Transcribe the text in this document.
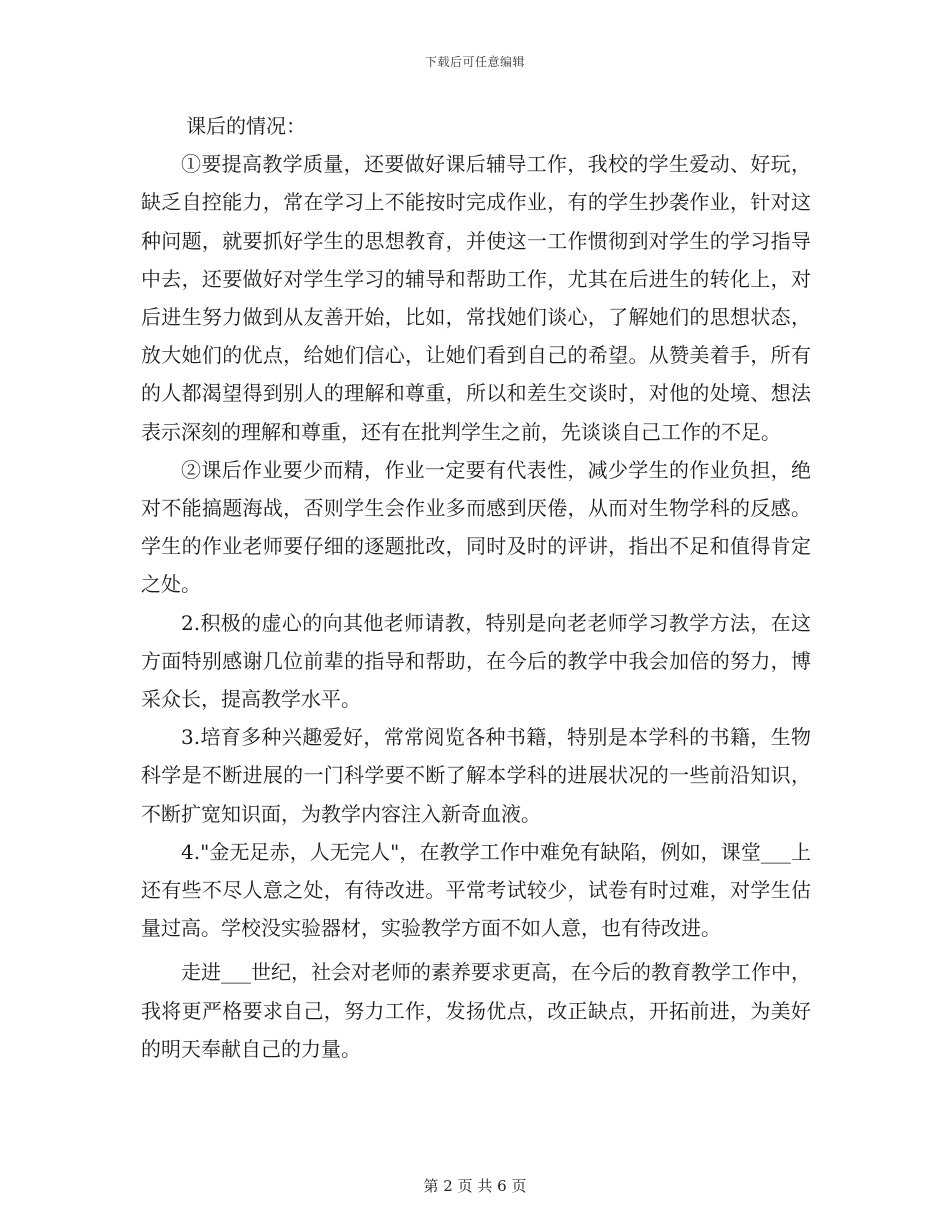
下载后可任意编辑

课后的情况：

①要提高教学质量，还要做好课后辅导工作，我校的学生爱动、好玩，缺乏自控能力，常在学习上不能按时完成作业，有的学生抄袭作业，针对这种问题，就要抓好学生的思想教育，并使这一工作惯彻到对学生的学习指导中去，还要做好对学生学习的辅导和帮助工作，尤其在后进生的转化上，对后进生努力做到从友善开始，比如，常找她们谈心，了解她们的思想状态，放大她们的优点，给她们信心，让她们看到自己的希望。从赞美着手，所有的人都渴望得到别人的理解和尊重，所以和差生交谈时，对他的处境、想法表示深刻的理解和尊重，还有在批判学生之前，先谈谈自己工作的不足。

②课后作业要少而精，作业一定要有代表性，减少学生的作业负担，绝对不能搞题海战，否则学生会作业多而感到厌倦，从而对生物学科的反感。学生的作业老师要仔细的逐题批改，同时及时的评讲，指出不足和值得肯定之处。

2.积极的虚心的向其他老师请教，特别是向老老师学习教学方法，在这方面特别感谢几位前辈的指导和帮助，在今后的教学中我会加倍的努力，博采众长，提高教学水平。

3.培育多种兴趣爱好，常常阅览各种书籍，特别是本学科的书籍，生物科学是不断进展的一门科学要不断了解本学科的进展状况的一些前沿知识，不断扩宽知识面，为教学内容注入新奇血液。

4."金无足赤，人无完人"，在教学工作中难免有缺陷，例如，课堂___上还有些不尽人意之处，有待改进。平常考试较少，试卷有时过难，对学生估量过高。学校没实验器材，实验教学方面不如人意，也有待改进。

走进___世纪，社会对老师的素养要求更高，在今后的教育教学工作中，我将更严格要求自己，努力工作，发扬优点，改正缺点，开拓前进，为美好的明天奉献自己的力量。

第 2 页 共 6 页
